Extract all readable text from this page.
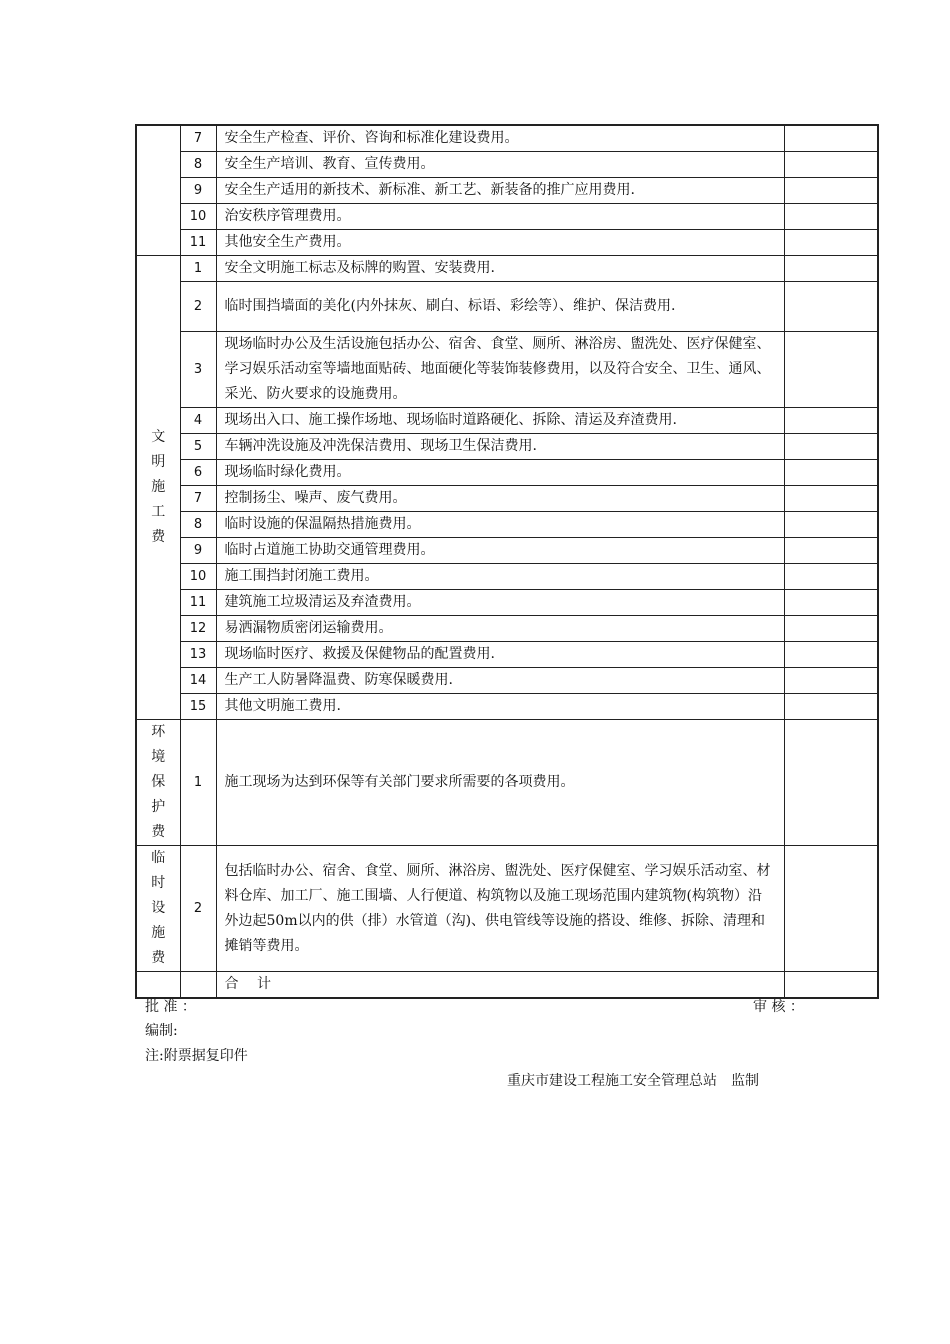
	7	安全生产检查、评价、咨询和标准化建设费用。	
	8	安全生产培训、教育、宣传费用。	
	9	安全生产适用的新技术、新标准、新工艺、新装备的推广应用费用.	
	10	治安秩序管理费用。	
	11	其他安全生产费用。	
文明施工费	1	安全文明施工标志及标牌的购置、安装费用.	
	2	临时围挡墙面的美化(内外抹灰、刷白、标语、彩绘等）、维护、保洁费用.	
	3	现场临时办公及生活设施包括办公、宿舍、食堂、厕所、淋浴房、盥洗处、医疗保健室、学习娱乐活动室等墙地面贴砖、地面硬化等装饰装修费用，以及符合安全、卫生、通风、采光、防火要求的设施费用。	
	4	现场出入口、施工操作场地、现场临时道路硬化、拆除、清运及弃渣费用.	
	5	车辆冲洗设施及冲洗保洁费用、现场卫生保洁费用.	
	6	现场临时绿化费用。	
	7	控制扬尘、噪声、废气费用。	
	8	临时设施的保温隔热措施费用。	
	9	临时占道施工协助交通管理费用。	
	10	施工围挡封闭施工费用。	
	11	建筑施工垃圾清运及弃渣费用。	
	12	易洒漏物质密闭运输费用。	
	13	现场临时医疗、救援及保健物品的配置费用.	
	14	生产工人防暑降温费、防寒保暖费用.	
	15	其他文明施工费用.	
环境保护费	1	施工现场为达到环保等有关部门要求所需要的各项费用。	
临时设施费	2	包括临时办公、宿舍、食堂、厕所、淋浴房、盥洗处、医疗保健室、学习娱乐活动室、材料仓库、加工厂、施工围墙、人行便道、构筑物以及施工现场范围内建筑物(构筑物）沿外边起50m以内的供（排）水管道（沟)、供电管线等设施的搭设、维修、拆除、清理和摊销等费用。	
		合　 计	
批 准 ：	审 核 ：
编制:
注:附票据复印件
重庆市建设工程施工安全管理总站　监制
